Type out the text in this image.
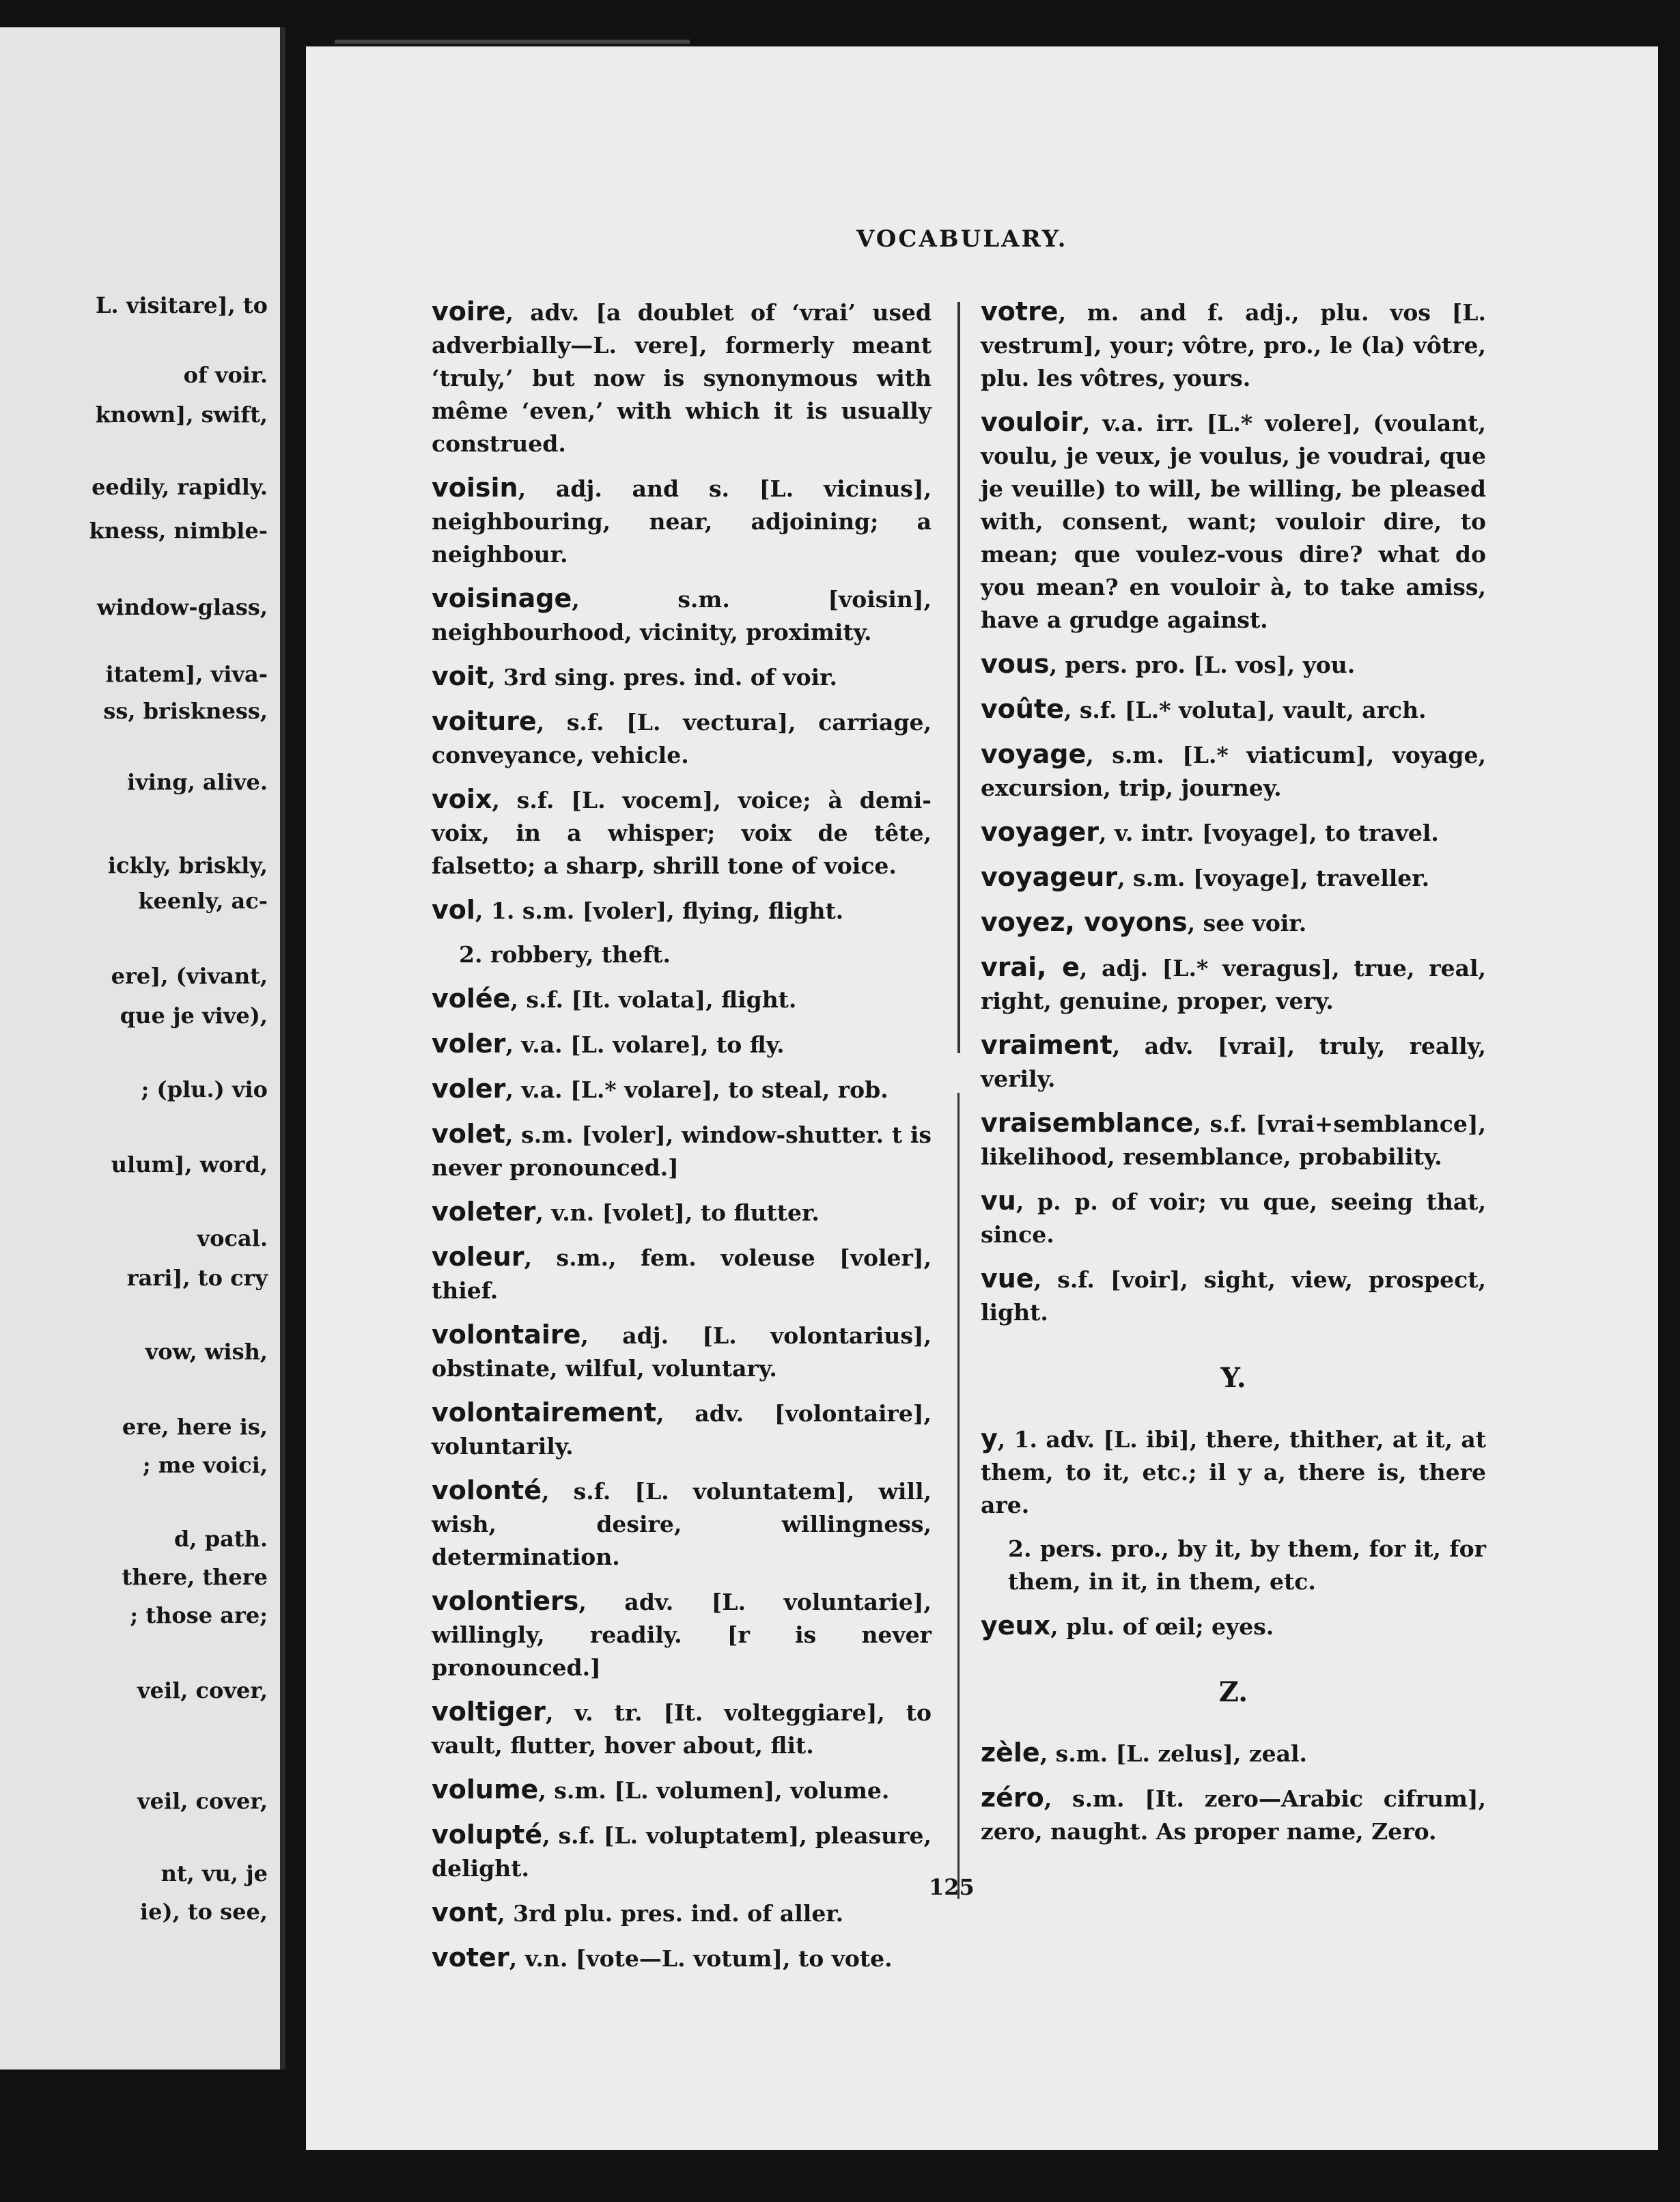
L. visitare], to
of voir.
known], swift,
eedily, rapidly.
kness, nimble-
window-glass,
itatem], viva-
ss, briskness,
iving, alive.
ickly, briskly,
keenly, ac-
ere], (vivant,
que je vive),
; (plu.) vio
ulum], word,
vocal.
rari], to cry
vow, wish,
ere, here is,
; me voici,
d, path.
there, there
; those are;
veil, cover,
veil, cover,
nt, vu, je
ie), to see,
VOCABULARY.
voire, adv. [a doublet of ‘vrai’ used adverbially—L. vere], formerly meant ‘truly,’ but now is synonymous with même ‘even,’ with which it is usually construed.
voisin, adj. and s. [L. vicinus], neighbouring, near, adjoining; a neighbour.
voisinage, s.m. [voisin], neighbourhood, vicinity, proximity.
voit, 3rd sing. pres. ind. of voir.
voiture, s.f. [L. vectura], carriage, conveyance, vehicle.
voix, s.f. [L. vocem], voice; à demi-voix, in a whisper; voix de tête, falsetto; a sharp, shrill tone of voice.
vol, 1. s.m. [voler], flying, flight.
2. robbery, theft.
volée, s.f. [It. volata], flight.
voler, v.a. [L. volare], to fly.
voler, v.a. [L.* volare], to steal, rob.
volet, s.m. [voler], window-shutter. t is never pronounced.]
voleter, v.n. [volet], to flutter.
voleur, s.m., fem. voleuse [voler], thief.
volontaire, adj. [L. volontarius], obstinate, wilful, voluntary.
volontairement, adv. [volontaire], voluntarily.
volonté, s.f. [L. voluntatem], will, wish, desire, willingness, determination.
volontiers, adv. [L. voluntarie], willingly, readily. [r is never pronounced.]
voltiger, v. tr. [It. volteggiare], to vault, flutter, hover about, flit.
volume, s.m. [L. volumen], volume.
volupté, s.f. [L. voluptatem], pleasure, delight.
vont, 3rd plu. pres. ind. of aller.
voter, v.n. [vote—L. votum], to vote.
votre, m. and f. adj., plu. vos [L. vestrum], your; vôtre, pro., le (la) vôtre, plu. les vôtres, yours.
vouloir, v.a. irr. [L.* volere], (voulant, voulu, je veux, je voulus, je voudrai, que je veuille) to will, be willing, be pleased with, consent, want; vouloir dire, to mean; que voulez-vous dire? what do you mean? en vouloir à, to take amiss, have a grudge against.
vous, pers. pro. [L. vos], you.
voûte, s.f. [L.* voluta], vault, arch.
voyage, s.m. [L.* viaticum], voyage, excursion, trip, journey.
voyager, v. intr. [voyage], to travel.
voyageur, s.m. [voyage], traveller.
voyez, voyons, see voir.
vrai, e, adj. [L.* veragus], true, real, right, genuine, proper, very.
vraiment, adv. [vrai], truly, really, verily.
vraisemblance, s.f. [vrai+semblance], likelihood, resemblance, probability.
vu, p. p. of voir; vu que, seeing that, since.
vue, s.f. [voir], sight, view, prospect, light.
Y.
y, 1. adv. [L. ibi], there, thither, at it, at them, to it, etc.; il y a, there is, there are.
2. pers. pro., by it, by them, for it, for them, in it, in them, etc.
yeux, plu. of œil; eyes.
Z.
zèle, s.m. [L. zelus], zeal.
zéro, s.m. [It. zero—Arabic cifrum], zero, naught. As proper name, Zero.
125
